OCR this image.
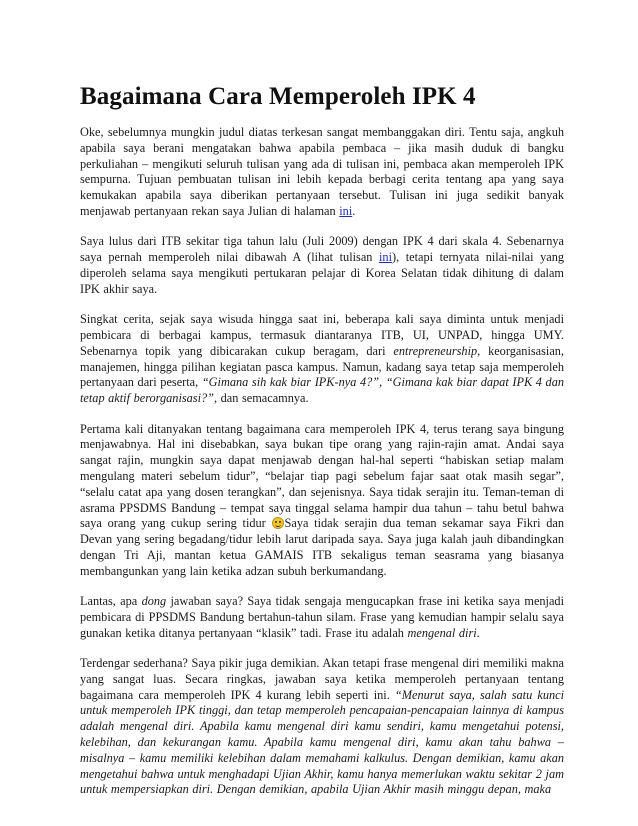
Bagaimana Cara Memperoleh IPK 4

Oke, sebelumnya mungkin judul diatas terkesan sangat membanggakan diri. Tentu saja, angkuh apabila saya berani mengatakan bahwa apabila pembaca – jika masih duduk di bangku perkuliahan – mengikuti seluruh tulisan yang ada di tulisan ini, pembaca akan memperoleh IPK sempurna. Tujuan pembuatan tulisan ini lebih kepada berbagi cerita tentang apa yang saya kemukakan apabila saya diberikan pertanyaan tersebut. Tulisan ini juga sedikit banyak menjawab pertanyaan rekan saya Julian di halaman ini.

Saya lulus dari ITB sekitar tiga tahun lalu (Juli 2009) dengan IPK 4 dari skala 4. Sebenarnya saya pernah memperoleh nilai dibawah A (lihat tulisan ini), tetapi ternyata nilai-nilai yang diperoleh selama saya mengikuti pertukaran pelajar di Korea Selatan tidak dihitung di dalam IPK akhir saya.

Singkat cerita, sejak saya wisuda hingga saat ini, beberapa kali saya diminta untuk menjadi pembicara di berbagai kampus, termasuk diantaranya ITB, UI, UNPAD, hingga UMY. Sebenarnya topik yang dibicarakan cukup beragam, dari entrepreneurship, keorganisasian, manajemen, hingga pilihan kegiatan pasca kampus. Namun, kadang saya tetap saja memperoleh pertanyaan dari peserta, “Gimana sih kak biar IPK-nya 4?”, “Gimana kak biar dapat IPK 4 dan tetap aktif berorganisasi?”, dan semacamnya.

Pertama kali ditanyakan tentang bagaimana cara memperoleh IPK 4, terus terang saya bingung menjawabnya. Hal ini disebabkan, saya bukan tipe orang yang rajin-rajin amat. Andai saya sangat rajin, mungkin saya dapat menjawab dengan hal-hal seperti “habiskan setiap malam mengulang materi sebelum tidur”, “belajar tiap pagi sebelum fajar saat otak masih segar”, “selalu catat apa yang dosen terangkan”, dan sejenisnya. Saya tidak serajin itu. Teman-teman di asrama PPSDMS Bandung – tempat saya tinggal selama hampir dua tahun – tahu betul bahwa saya orang yang cukup sering tidur Saya tidak serajin dua teman sekamar saya Fikri dan Devan yang sering begadang/tidur lebih larut daripada saya. Saya juga kalah jauh dibandingkan dengan Tri Aji, mantan ketua GAMAIS ITB sekaligus teman seasrama yang biasanya membangunkan yang lain ketika adzan subuh berkumandang.

Lantas, apa dong jawaban saya? Saya tidak sengaja mengucapkan frase ini ketika saya menjadi pembicara di PPSDMS Bandung bertahun-tahun silam. Frase yang kemudian hampir selalu saya gunakan ketika ditanya pertanyaan “klasik” tadi. Frase itu adalah mengenal diri.

Terdengar sederhana? Saya pikir juga demikian. Akan tetapi frase mengenal diri memiliki makna yang sangat luas. Secara ringkas, jawaban saya ketika memperoleh pertanyaan tentang bagaimana cara memperoleh IPK 4 kurang lebih seperti ini. “Menurut saya, salah satu kunci untuk memperoleh IPK tinggi, dan tetap memperoleh pencapaian-pencapaian lainnya di kampus adalah mengenal diri. Apabila kamu mengenal diri kamu sendiri, kamu mengetahui potensi, kelebihan, dan kekurangan kamu. Apabila kamu mengenal diri, kamu akan tahu bahwa – misalnya – kamu memiliki kelebihan dalam memahami kalkulus. Dengan demikian, kamu akan mengetahui bahwa untuk menghadapi Ujian Akhir, kamu hanya memerlukan waktu sekitar 2 jam untuk mempersiapkan diri. Dengan demikian, apabila Ujian Akhir masih minggu depan, maka
